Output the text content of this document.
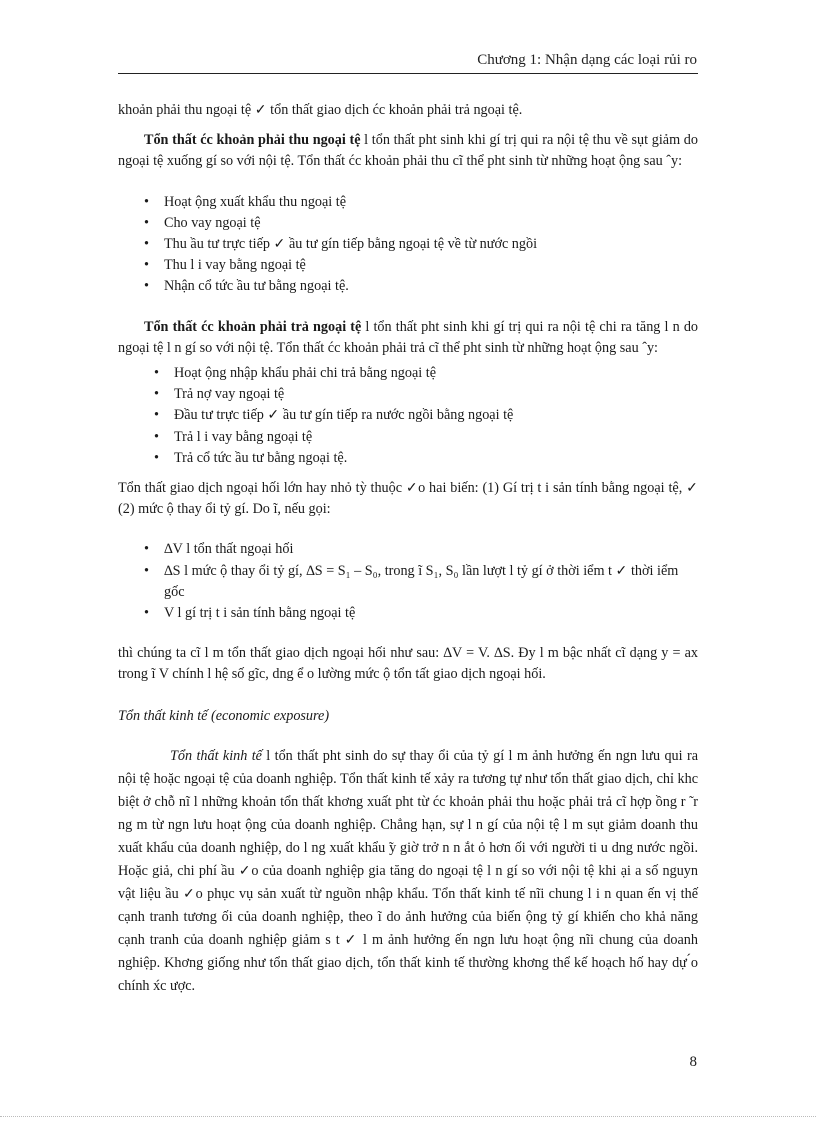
Chương 1: Nhận dạng các loại rủi ro

khoản phải thu ngoại tệ ✓ tổn thất giao dịch ćc khoản phải trả ngoại tệ.

Tổn thất ćc khoản phải thu ngoại tệ l tổn thất pht sinh khi gí trị qui ra nội tệ thu về sụt giảm do ngoại tệ xuống gí so với nội tệ. Tổn thất ćc khoản phải thu cĩ thể pht sinh từ những hoạt ộng sau ˆy:

• Hoạt ộng xuất khẩu thu ngoại tệ
• Cho vay ngoại tệ
• Thu ầu tư trực tiếp ✓ ầu tư gín tiếp bằng ngoại tệ về từ nước ngồi
• Thu l i vay bằng ngoại tệ
• Nhận cổ tức ầu tư bằng ngoại tệ.

Tổn thất ćc khoản phải trả ngoại tệ l tổn thất pht sinh khi gí trị qui ra nội tệ chi ra tăng l n do ngoại tệ l n gí so với nội tệ. Tổn thất ćc khoản phải trả cĩ thể pht sinh từ những hoạt ộng sau ˆy:

• Hoạt ộng nhập khẩu phải chi trả bằng ngoại tệ
• Trả nợ vay ngoại tệ
• Đầu tư trực tiếp ✓ ầu tư gín tiếp ra nước ngồi bằng ngoại tệ
• Trả l i vay bằng ngoại tệ
• Trả cổ tức ầu tư bằng ngoại tệ.

Tổn thất giao dịch ngoại hối lớn hay nhỏ tỳ thuộc ✓o hai biến: (1) Gí trị t i sản tính bằng ngoại tệ, ✓ (2) mức ộ thay ổi tỷ gí. Do ĩ, nếu gọi:

• ∆V l tổn thất ngoại hối
• ∆S l mức ộ thay ổi tỷ gí, ∆S = S₁ – S₀, trong ĩ S₁, S₀ lần lượt l tỷ gí ở thời iểm t ✓ thời iểm gốc
• V l gí trị t i sản tính bằng ngoại tệ

thì chúng ta cĩ l m tổn thất giao dịch ngoại hối như sau: ∆V = V. ∆S. Đy l m bậc nhất cĩ dạng y = ax trong ĩ V chính l hệ số gĩc, dng ể o lường mức ộ tổn tất giao dịch ngoại hối.

Tổn thất kinh tế (economic exposure)

Tổn thất kinh tế l tổn thất pht sinh do sự thay ổi của tỷ gí l m ảnh hưởng ến ngn lưu qui ra nội tệ hoặc ngoại tệ của doanh nghiệp. Tổn thất kinh tế xảy ra tương tự như tổn thất giao dịch, chỉ khc biệt ở chỗ nĩ l những khoản tổn thất khơng xuất pht từ ćc khoản phải thu hoặc phải trả cĩ hợp ồng r ̃ r ng m từ ngn lưu hoạt ộng của doanh nghiệp. Chẳng hạn, sự l n gí của nội tệ l m sụt giảm doanh thu xuất khẩu của doanh nghiệp, do l ng xuất khẩu ̃y giờ trở n n ắt ỏ hơn ối với người ti u dng nước ngồi. Hoặc giả, chi phí ầu ✓o của doanh nghiệp gia tăng do ngoại tệ l n gí so với nội tệ khi ại a số nguyn vật liệu ầu ✓o phục vụ sản xuất từ nguồn nhập khẩu. Tổn thất kinh tế nĩi chung l i n quan ến vị thế cạnh tranh tương ối của doanh nghiệp, theo ĩ do ảnh hưởng của biến ộng tỷ gí khiến cho khả năng cạnh tranh của doanh nghiệp giảm s t ✓ l m ảnh hưởng ến ngn lưu hoạt ộng nĩi chung của doanh nghiệp. Khơng giống như tổn thất giao dịch, tổn thất kinh tế thường khơng thể kế hoạch hố hay dự ́o chính x́c ược.

8
